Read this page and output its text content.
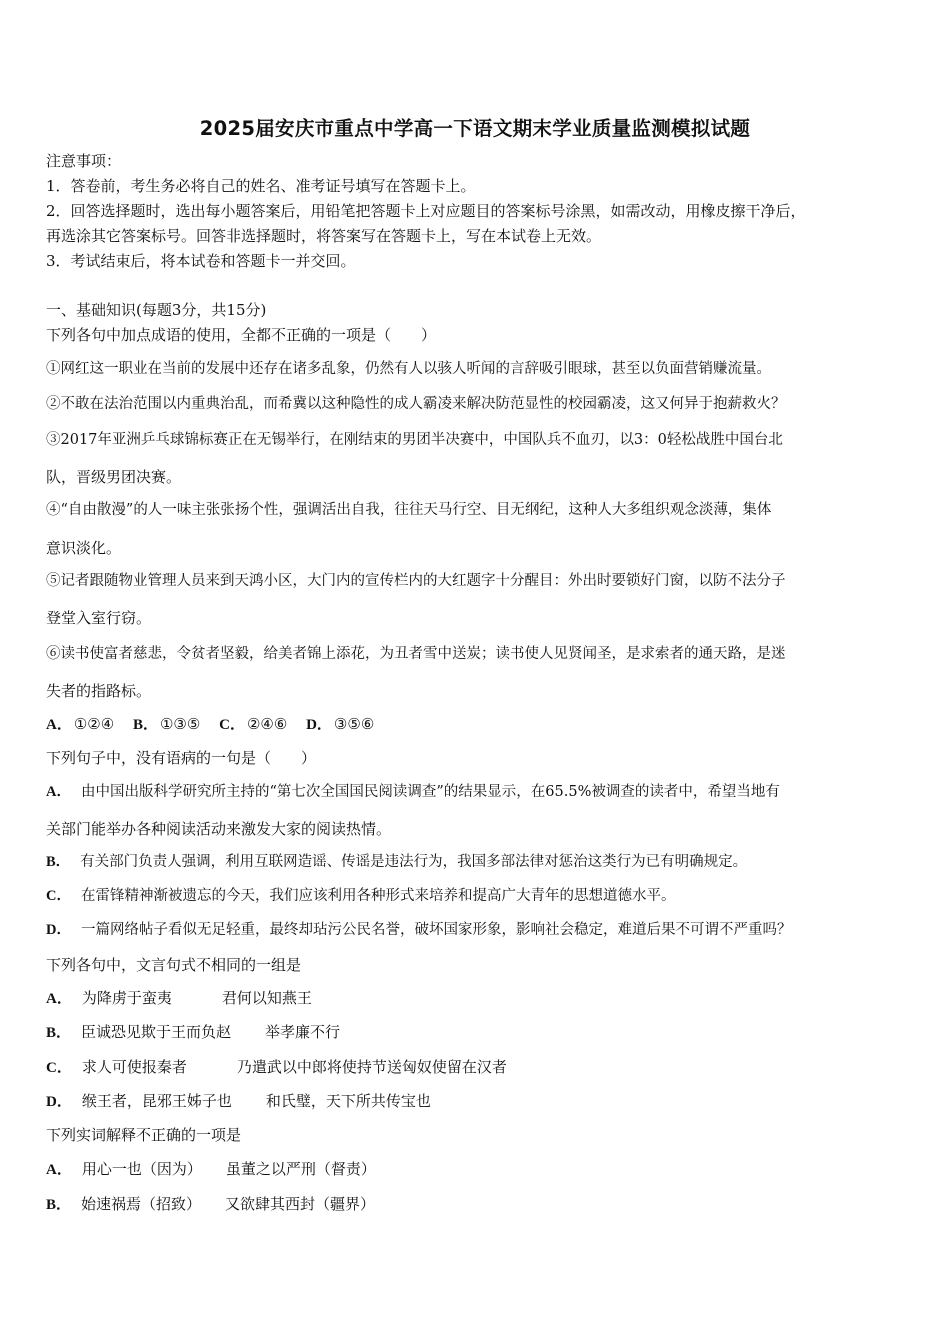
2025届安庆市重点中学高一下语文期末学业质量监测模拟试题
注意事项：
1．答卷前，考生务必将自己的姓名、准考证号填写在答题卡上。
2．回答选择题时，选出每小题答案后，用铅笔把答题卡上对应题目的答案标号涂黑，如需改动，用橡皮擦干净后，
再选涂其它答案标号。回答非选择题时，将答案写在答题卡上，写在本试卷上无效。
3．考试结束后，将本试卷和答题卡一并交回。
一、基础知识(每题3分，共15分)
下列各句中加点成语的使用，全都不正确的一项是（　　）
①网红这一职业在当前的发展中还存在诸多乱象，仍然有人以骇人听闻的言辞吸引眼球，甚至以负面营销赚流量。
②不敢在法治范围以内重典治乱，而希冀以这种隐性的成人霸凌来解决防范显性的校园霸凌，这又何异于抱薪救火？
③2017年亚洲乒乓球锦标赛正在无锡举行，在刚结束的男团半决赛中，中国队兵不血刃，以3：0轻松战胜中国台北
队，晋级男团决赛。
④“自由散漫”的人一味主张张扬个性，强调活出自我，往往天马行空、目无纲纪，这种人大多组织观念淡薄，集体
意识淡化。
⑤记者跟随物业管理人员来到天鸿小区，大门内的宣传栏内的大红题字十分醒目：外出时要锁好门窗，以防不法分子
登堂入室行窃。
⑥读书使富者慈悲，令贫者坚毅，给美者锦上添花，为丑者雪中送炭；读书使人见贤闻圣，是求索者的通天路，是迷
失者的指路标。
A． ①②④ B． ①③⑤ C． ②④⑥ D． ③⑤⑥
下列句子中，没有语病的一句是（　　）
A． 由中国出版科学研究所主持的“第七次全国国民阅读调查”的结果显示，在65.5%被调查的读者中，希望当地有
关部门能举办各种阅读活动来激发大家的阅读热情。
B． 有关部门负责人强调，利用互联网造谣、传谣是违法行为，我国多部法律对惩治这类行为已有明确规定。
C． 在雷锋精神渐被遗忘的今天，我们应该利用各种形式来培养和提高广大青年的思想道德水平。
D． 一篇网络帖子看似无足轻重，最终却玷污公民名誉，破坏国家形象，影响社会稳定，难道后果不可谓不严重吗？
下列各句中，文言句式不相同的一组是
A． 为降虏于蛮夷	君何以知燕王
B． 臣诚恐见欺于王而负赵 举孝廉不行
C． 求人可使报秦者	乃遣武以中郎将使持节送匈奴使留在汉者
D． 缑王者，昆邪王姊子也 和氏璧，天下所共传宝也
下列实词解释不正确的一项是
A． 用心一也（因为） 虽董之以严刑（督责）
B． 始速祸焉（招致） 又欲肆其西封（疆界）
